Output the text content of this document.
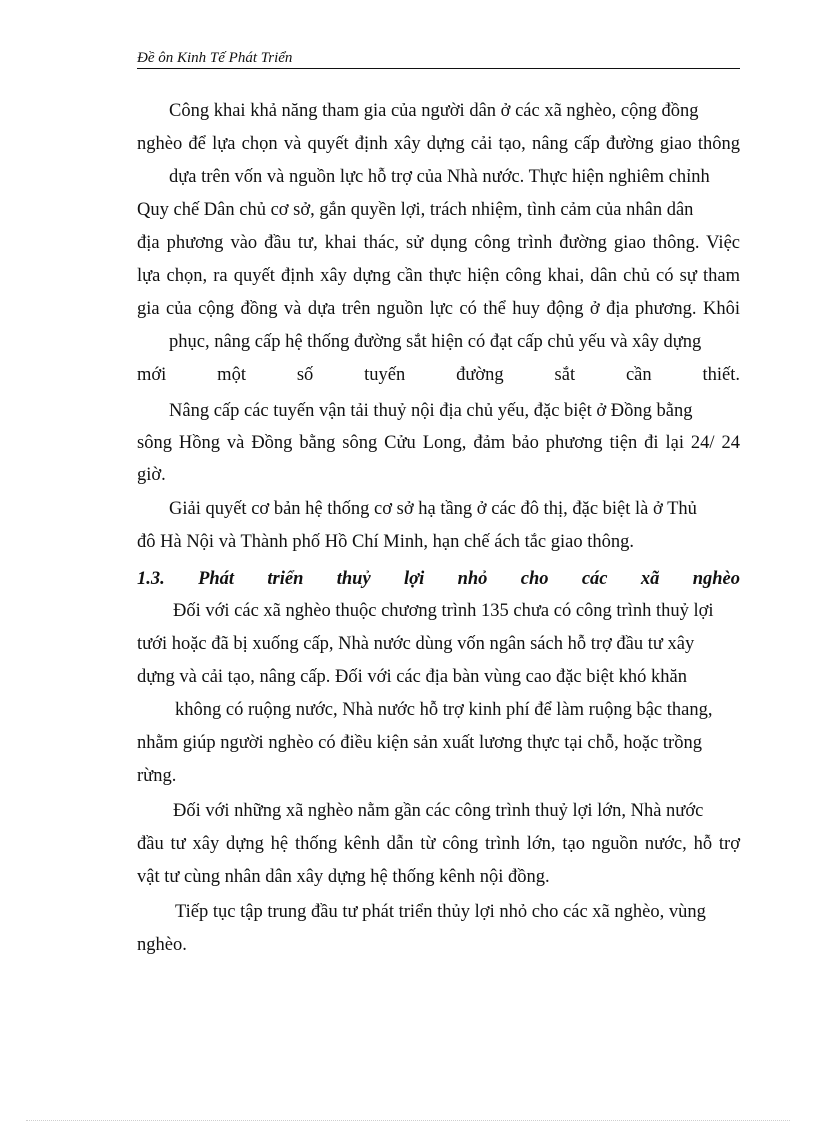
Đề ôn Kinh Tế Phát Triển
Công khai khả năng tham gia của người dân ở các xã nghèo, cộng đồng
nghèo để lựa chọn và quyết định xây dựng cải tạo, nâng cấp đường giao thông
dựa trên vốn và nguồn lực hỗ trợ của Nhà nước. Thực hiện nghiêm chỉnh
Quy chế Dân chủ cơ sở, gắn quyền lợi, trách nhiệm, tình cảm của nhân dân
địa phương vào đầu tư, khai thác, sử dụng công trình đường giao thông. Việc
lựa chọn, ra quyết định xây dựng cần thực hiện công khai, dân chủ có sự tham
gia của cộng đồng và dựa trên nguồn lực có thể huy động ở địa phương. Khôi
phục, nâng cấp hệ thống đường sắt hiện có đạt cấp chủ yếu và xây dựng
mới một số tuyến đường sắt cần thiết.
Nâng cấp các tuyến vận tải thuỷ nội địa chủ yếu, đặc biệt ở Đồng bằng
sông Hồng và Đồng bằng sông Cửu Long, đảm bảo phương tiện đi lại 24/ 24
giờ.
Giải quyết cơ bản hệ thống cơ sở hạ tầng ở các đô thị, đặc biệt là ở Thủ
đô Hà Nội và Thành phố Hồ Chí Minh, hạn chế ách tắc giao thông.
1.3. Phát triển thuỷ lợi nhỏ cho các xã nghèo
Đối với các xã nghèo thuộc chương trình 135 chưa có công trình thuỷ lợi
tưới hoặc đã bị xuống cấp, Nhà nước dùng vốn ngân sách hỗ trợ đầu tư xây
dựng và cải tạo, nâng cấp. Đối với các địa bàn vùng cao đặc biệt khó khăn
không có ruộng nước, Nhà nước hỗ trợ kinh phí để làm ruộng bậc thang,
nhằm giúp người nghèo có điều kiện sản xuất lương thực tại chỗ, hoặc trồng
rừng.
Đối với những xã nghèo nằm gần các công trình thuỷ lợi lớn, Nhà nước
đầu tư xây dựng hệ thống kênh dẫn từ công trình lớn, tạo nguồn nước, hỗ trợ
vật tư cùng nhân dân xây dựng hệ thống kênh nội đồng.
Tiếp tục tập trung đầu tư phát triển thủy lợi nhỏ cho các xã nghèo, vùng
nghèo.
